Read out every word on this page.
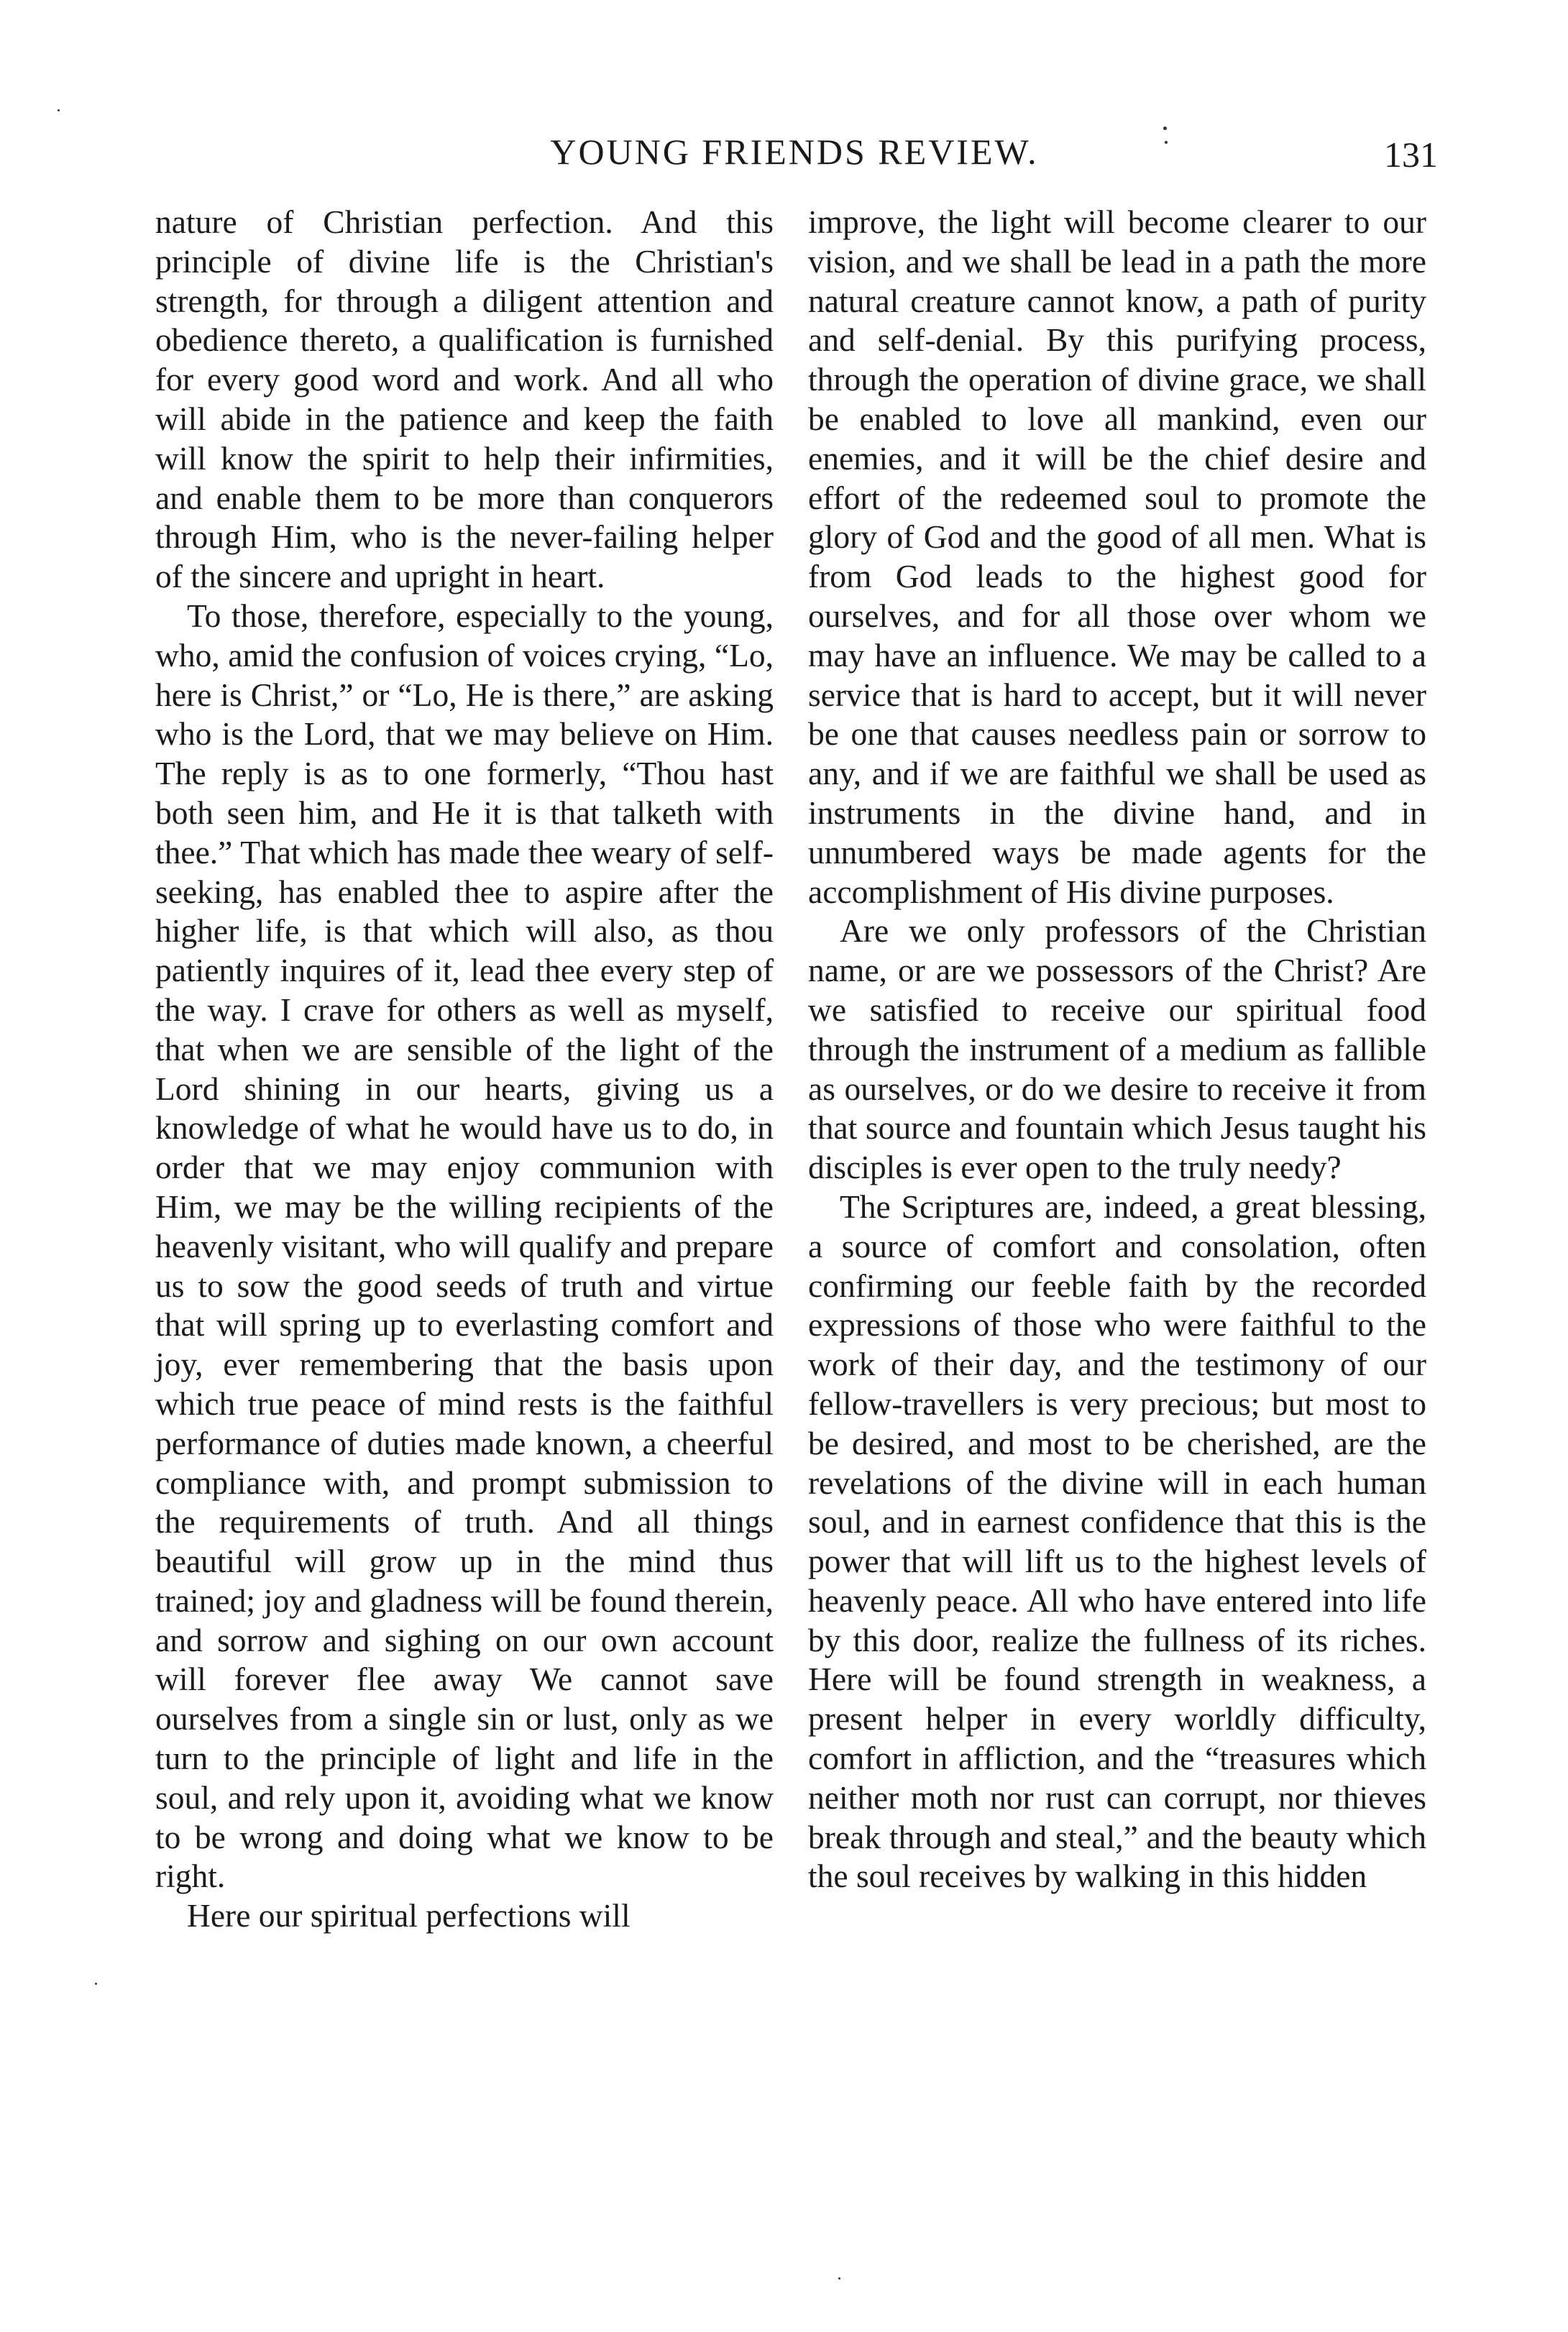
YOUNG FRIENDS REVIEW.	131

nature of Christian perfection. And this principle of divine life is the Christian's strength, for through a diligent attention and obedience thereto, a qualification is furnished for every good word and work. And all who will abide in the patience and keep the faith will know the spirit to help their infirmities, and enable them to be more than conquerors through Him, who is the never-failing helper of the sincere and upright in heart.

To those, therefore, especially to the young, who, amid the confusion of voices crying, “Lo, here is Christ,” or “Lo, He is there,” are asking who is the Lord, that we may believe on Him. The reply is as to one formerly, “Thou hast both seen him, and He it is that talketh with thee.” That which has made thee weary of self-seeking, has enabled thee to aspire after the higher life, is that which will also, as thou patiently inquires of it, lead thee every step of the way. I crave for others as well as myself, that when we are sensible of the light of the Lord shining in our hearts, giving us a knowledge of what he would have us to do, in order that we may enjoy communion with Him, we may be the willing recipients of the heavenly visitant, who will qualify and prepare us to sow the good seeds of truth and virtue that will spring up to everlasting comfort and joy, ever remembering that the basis upon which true peace of mind rests is the faithful performance of duties made known, a cheerful compliance with, and prompt submission to the requirements of truth. And all things beautiful will grow up in the mind thus trained; joy and gladness will be found therein, and sorrow and sighing on our own account will forever flee away We cannot save ourselves from a single sin or lust, only as we turn to the principle of light and life in the soul, and rely upon it, avoiding what we know to be wrong and doing what we know to be right.

Here our spiritual perfections will

improve, the light will become clearer to our vision, and we shall be lead in a path the more natural creature cannot know, a path of purity and self-denial. By this purifying process, through the operation of divine grace, we shall be enabled to love all mankind, even our enemies, and it will be the chief desire and effort of the redeemed soul to promote the glory of God and the good of all men. What is from God leads to the highest good for ourselves, and for all those over whom we may have an influence. We may be called to a service that is hard to accept, but it will never be one that causes needless pain or sorrow to any, and if we are faithful we shall be used as instruments in the divine hand, and in unnumbered ways be made agents for the accomplishment of His divine purposes.

Are we only professors of the Christian name, or are we possessors of the Christ? Are we satisfied to receive our spiritual food through the instrument of a medium as fallible as ourselves, or do we desire to receive it from that source and fountain which Jesus taught his disciples is ever open to the truly needy?

The Scriptures are, indeed, a great blessing, a source of comfort and consolation, often confirming our feeble faith by the recorded expressions of those who were faithful to the work of their day, and the testimony of our fellow-travellers is very precious; but most to be desired, and most to be cherished, are the revelations of the divine will in each human soul, and in earnest confidence that this is the power that will lift us to the highest levels of heavenly peace. All who have entered into life by this door, realize the fullness of its riches. Here will be found strength in weakness, a present helper in every worldly difficulty, comfort in affliction, and the “treasures which neither moth nor rust can corrupt, nor thieves break through and steal,” and the beauty which the soul receives by walking in this hidden
